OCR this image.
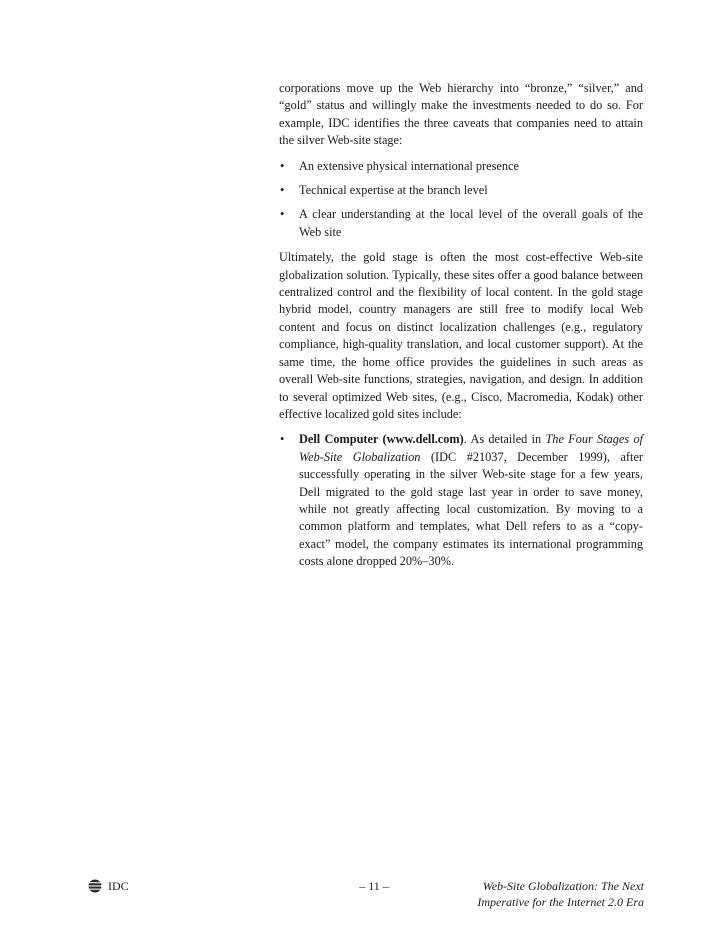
corporations move up the Web hierarchy into “bronze,” “silver,” and “gold” status and willingly make the investments needed to do so. For example, IDC identifies the three caveats that companies need to attain the silver Web-site stage:

• An extensive physical international presence
• Technical expertise at the branch level
• A clear understanding at the local level of the overall goals of the Web site

Ultimately, the gold stage is often the most cost-effective Web-site globalization solution. Typically, these sites offer a good balance between centralized control and the flexibility of local content. In the gold stage hybrid model, country managers are still free to modify local Web content and focus on distinct localization challenges (e.g., regulatory compliance, high-quality translation, and local customer support). At the same time, the home office provides the guidelines in such areas as overall Web-site functions, strategies, navigation, and design. In addition to several optimized Web sites, (e.g., Cisco, Macromedia, Kodak) other effective localized gold sites include:

• Dell Computer (www.dell.com). As detailed in The Four Stages of Web-Site Globalization (IDC #21037, December 1999), after successfully operating in the silver Web-site stage for a few years, Dell migrated to the gold stage last year in order to save money, while not greatly affecting local customization. By moving to a common platform and templates, what Dell refers to as a “copy-exact” model, the company estimates its international programming costs alone dropped 20%–30%.
IDC	– 11 –	Web-Site Globalization: The Next
Imperative for the Internet 2.0 Era
